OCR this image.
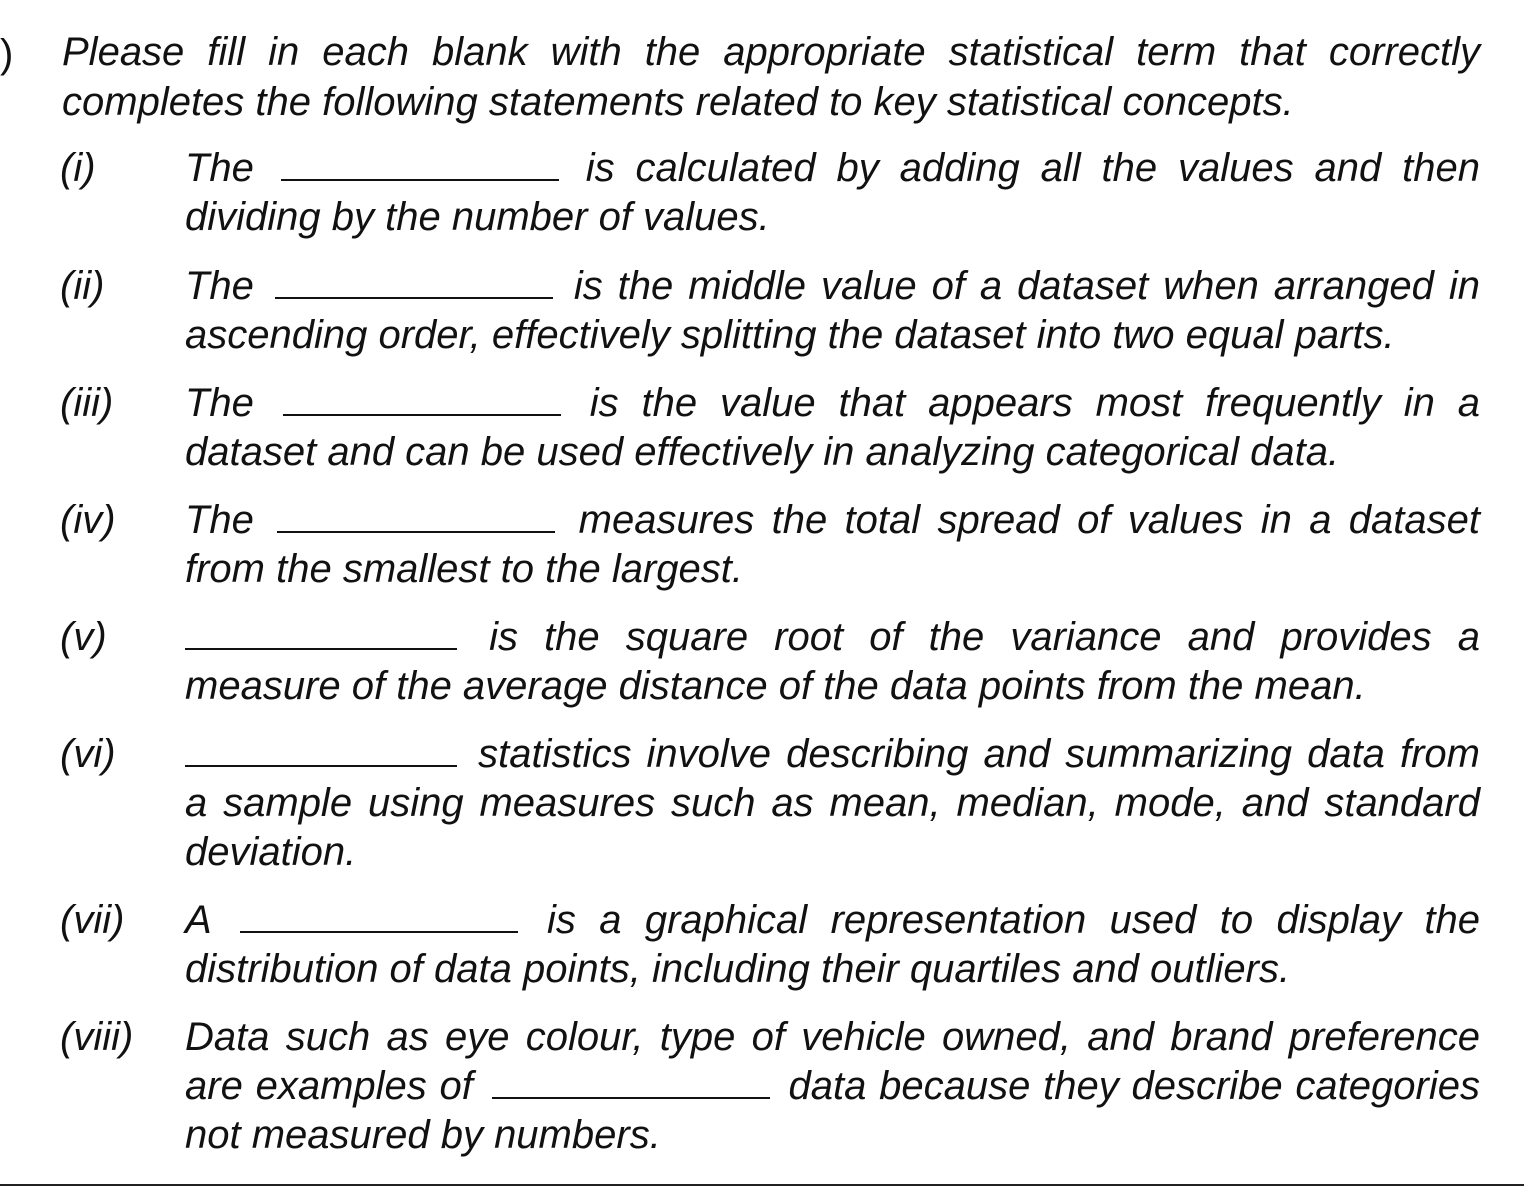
) Please fill in each blank with the appropriate statistical term that correctly completes the following statements related to key statistical concepts.
(i) The	is calculated by adding all the values and then dividing by the number of values.
(ii) The	is the middle value of a dataset when arranged in ascending order, effectively splitting the dataset into two equal parts.
(iii) The	is the value that appears most frequently in a dataset and can be used effectively in analyzing categorical data.
(iv) The	measures the total spread of values in a dataset from the smallest to the largest.
(v)	is the square root of the variance and provides a measure of the average distance of the data points from the mean.
(vi)	statistics involve describing and summarizing data from a sample using measures such as mean, median, mode, and standard deviation.
(vii) A	is a graphical representation used to display the distribution of data points, including their quartiles and outliers.
(viii) Data such as eye colour, type of vehicle owned, and brand preference are examples of	data because they describe categories not measured by numbers.
